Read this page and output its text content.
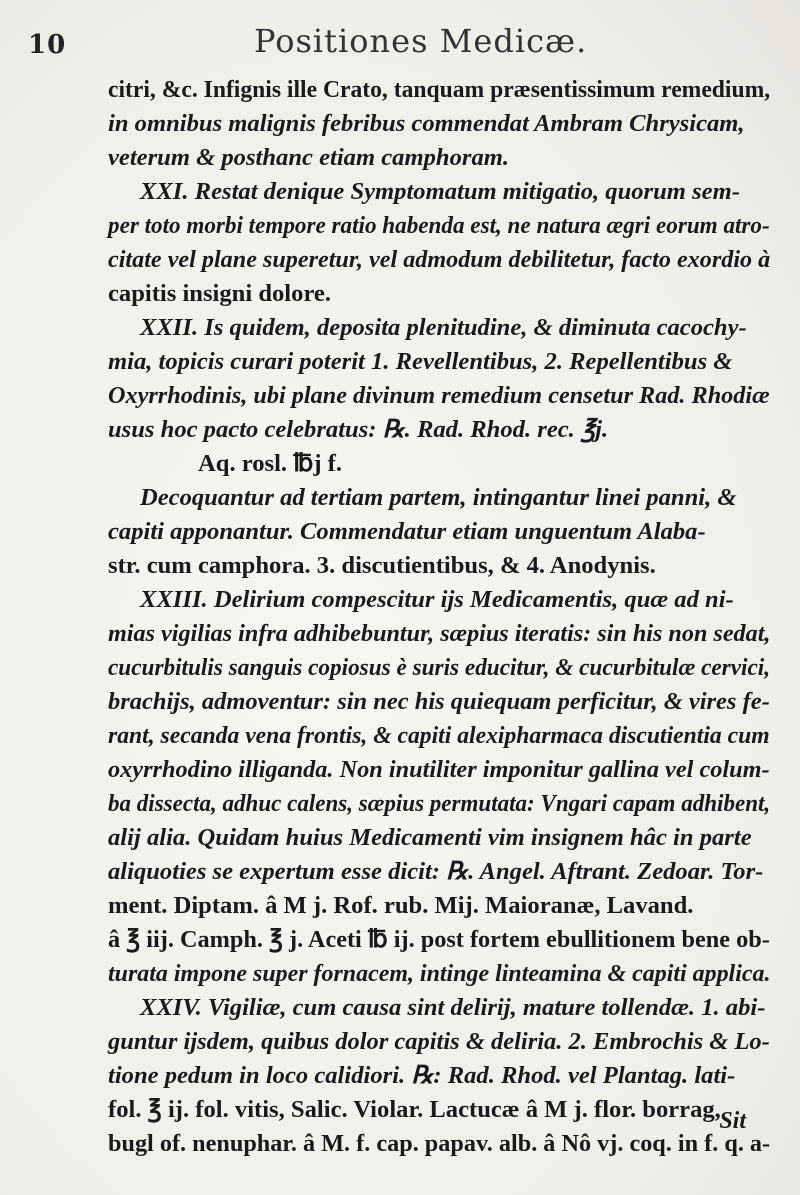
10	Positiones Medicæ.
citri, &c. Infignis ille Crato, tanquam præsentissimum remedium,
in omnibus malignis febribus commendat Ambram Chrysicam,
veterum & posthanc etiam camphoram.
XXI. Restat denique Symptomatum mitigatio, quorum sem-
per toto morbi tempore ratio habenda est, ne natura ægri eorum atro-
citate vel plane superetur, vel admodum debilitetur, facto exordio à
capitis insigni dolore.
XXII. Is quidem, deposita plenitudine, & diminuta cacochy-
mia, topicis curari poterit 1. Revellentibus, 2. Repellentibus &
Oxyrrhodinis, ubi plane divinum remedium censetur Rad. Rhodiæ
usus hoc pacto celebratus: ℞. Rad. Rhod. rec. ℥j.
Aq. rosl. ℔j f.
Decoquantur ad tertiam partem, intingantur linei panni, &
capiti apponantur. Commendatur etiam unguentum Alaba-
str. cum camphora. 3. discutientibus, & 4. Anodynis.
XXIII. Delirium compescitur ijs Medicamentis, quæ ad ni-
mias vigilias infra adhibebuntur, sæpius iteratis: sin his non sedat,
cucurbitulis sanguis copiosus è suris educitur, & cucurbitulæ cervici,
brachijs, admoventur: sin nec his quiequam perficitur, & vires fe-
rant, secanda vena frontis, & capiti alexipharmaca discutientia cum
oxyrrhodino illiganda. Non inutiliter imponitur gallina vel colum-
ba dissecta, adhuc calens, sæpius permutata: Vngari capam adhibent,
alij alia. Quidam huius Medicamenti vim insignem hâc in parte
aliquoties se expertum esse dicit: ℞. Angel. Aftrant. Zedoar. Tor-
ment. Diptam. â M j. Rof. rub. Mij. Maioranæ, Lavand.
â ℥ iij. Camph. ℥ j. Aceti ℔ ij. post fortem ebullitionem bene ob-
turata impone super fornacem, intinge linteamina & capiti applica.
XXIV. Vigiliæ, cum causa sint delirij, mature tollendæ. 1. abi-
guntur ijsdem, quibus dolor capitis & deliria. 2. Embrochis & Lo-
tione pedum in loco calidiori. ℞: Rad. Rhod. vel Plantag. lati-
fol. ℥ ij. fol. vitis, Salic. Violar. Lactucæ â M j. flor. borrag,
bugl of. nenuphar. â M. f. cap. papav. alb. â Nô vj. coq. in f. q. a-
Sit
